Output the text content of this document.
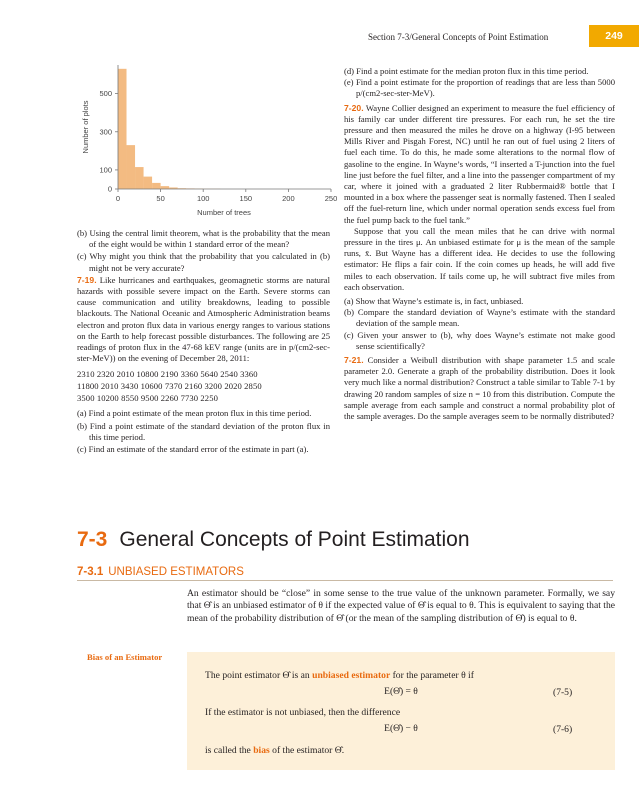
Section 7-3/General Concepts of Point Estimation	249
0	50	100	150	200	250
0
100
300
500
Number of trees
Number of plots

(b) Using the central limit theorem, what is the probability that the mean of the eight would be within 1 standard error of the mean?

(c) Why might you think that the probability that you calculated in (b) might not be very accurate?

7-19. Like hurricanes and earthquakes, geomagnetic storms are natural hazards with possible severe impact on the Earth. Severe storms can cause communication and utility breakdowns, leading to possible blackouts. The National Oceanic and Atmospheric Administration beams electron and proton flux data in various energy ranges to various stations on the Earth to help forecast possible disturbances. The following are 25 readings of proton flux in the 47-68 kEV range (units are in p/(cm2-sec-ster-MeV)) on the evening of December 28, 2011:

2310 2320 2010 10800 2190 3360 5640 2540 3360
11800 2010 3430 10600 7370 2160 3200 2020 2850
3500 10200 8550 9500 2260 7730 2250

(a) Find a point estimate of the mean proton flux in this time period.

(b) Find a point estimate of the standard deviation of the proton flux in this time period.

(c) Find an estimate of the standard error of the estimate in part (a).

(d) Find a point estimate for the median proton flux in this time period.

(e) Find a point estimate for the proportion of readings that are less than 5000 p/(cm2-sec-ster-MeV).

7-20. Wayne Collier designed an experiment to measure the fuel efficiency of his family car under different tire pressures. For each run, he set the tire pressure and then measured the miles he drove on a highway (I-95 between Mills River and Pisgah Forest, NC) until he ran out of fuel using 2 liters of fuel each time. To do this, he made some alterations to the normal flow of gasoline to the engine. In Wayne’s words, “I inserted a T-junction into the fuel line just before the fuel filter, and a line into the passenger compartment of my car, where it joined with a graduated 2 liter Rubbermaid® bottle that I mounted in a box where the passenger seat is normally fastened. Then I sealed off the fuel-return line, which under normal operation sends excess fuel from the fuel pump back to the fuel tank.”

Suppose that you call the mean miles that he can drive with normal pressure in the tires μ. An unbiased estimate for μ is the mean of the sample runs, x̄. But Wayne has a different idea. He decides to use the following estimator: He flips a fair coin. If the coin comes up heads, he will add five miles to each observation. If tails come up, he will subtract five miles from each observation.

(a) Show that Wayne’s estimate is, in fact, unbiased.

(b) Compare the standard deviation of Wayne’s estimate with the standard deviation of the sample mean.

(c) Given your answer to (b), why does Wayne’s estimate not make good sense scientifically?

7-21. Consider a Weibull distribution with shape parameter 1.5 and scale parameter 2.0. Generate a graph of the probability distribution. Does it look very much like a normal distribution? Construct a table similar to Table 7-1 by drawing 20 random samples of size n = 10 from this distribution. Compute the sample average from each sample and construct a normal probability plot of the sample averages. Do the sample averages seem to be normally distributed?

7-3 General Concepts of Point Estimation
7-3.1 UNBIASED ESTIMATORS
An estimator should be “close” in some sense to the true value of the unknown parameter. Formally, we say that Θ̂ is an unbiased estimator of θ if the expected value of Θ̂ is equal to θ. This is equivalent to saying that the mean of the probability distribution of Θ̂ (or the mean of the sampling distribution of Θ̂) is equal to θ.
Bias of an Estimator
The point estimator Θ̂ is an unbiased estimator for the parameter θ if
E(Θ̂) = θ	(7-5)
If the estimator is not unbiased, then the difference
E(Θ̂) − θ	(7-6)
is called the bias of the estimator Θ̂.
